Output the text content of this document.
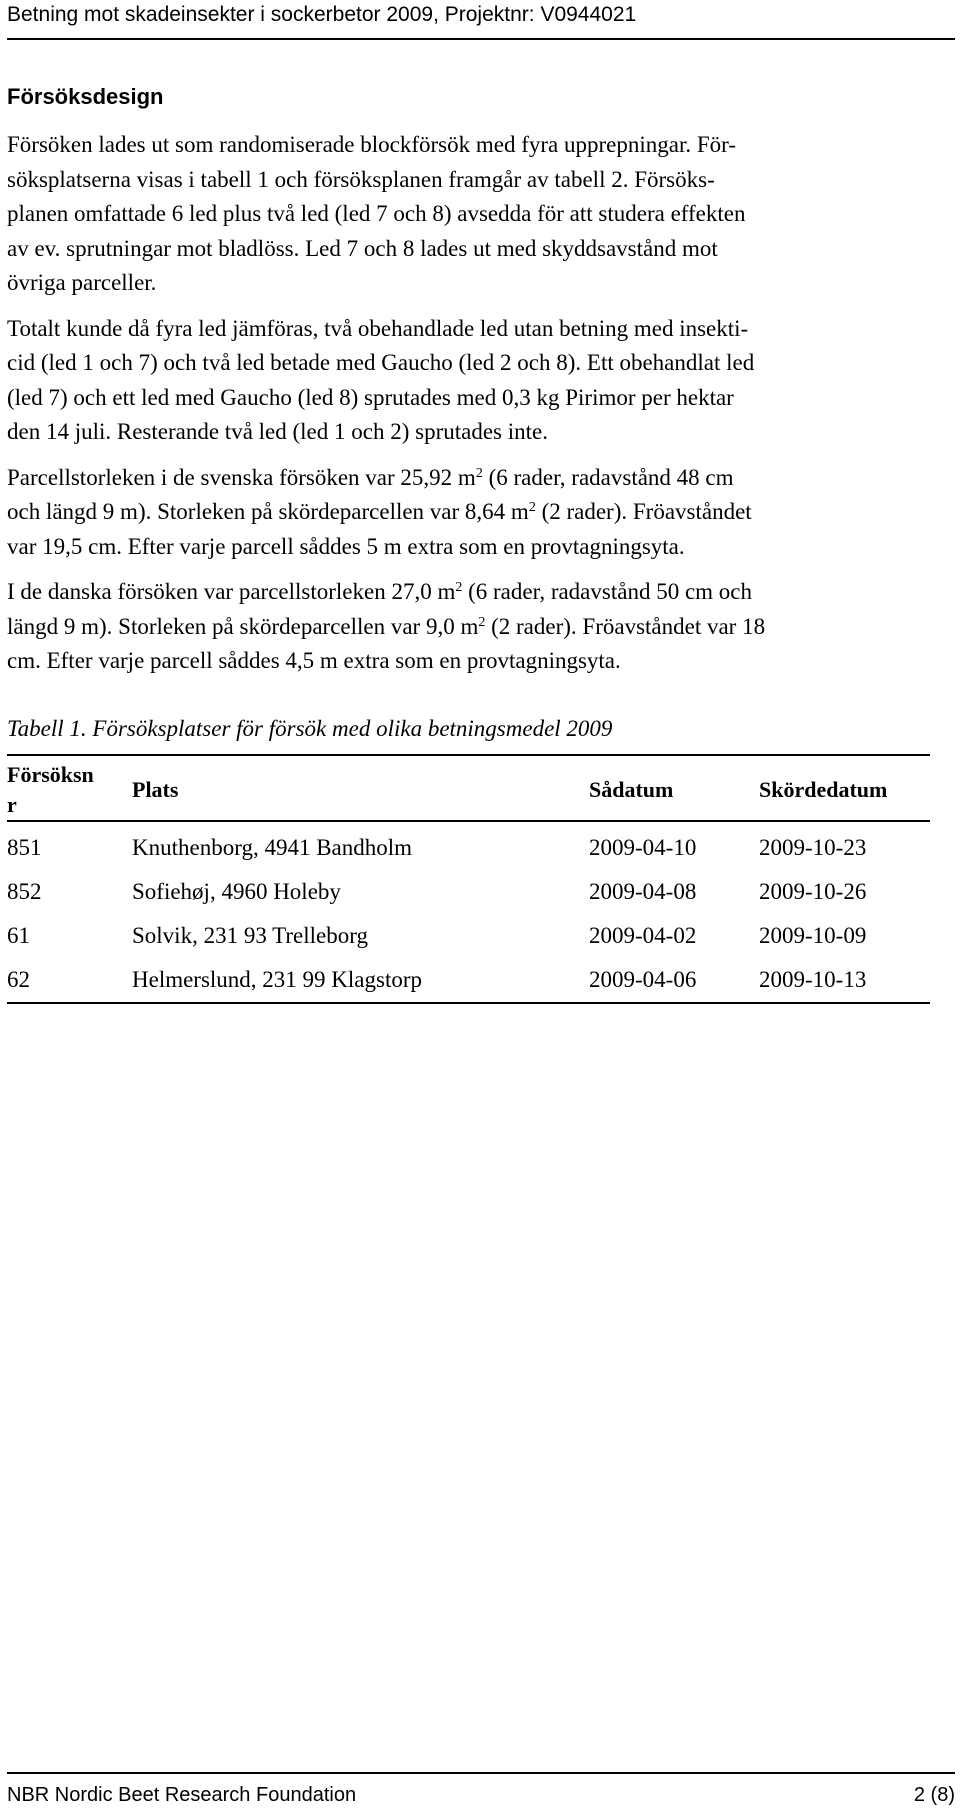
Betning mot skadeinsekter i sockerbetor 2009, Projektnr: V0944021
Försöksdesign

Försöken lades ut som randomiserade blockförsök med fyra upprepningar. För-
söksplatserna visas i tabell 1 och försöksplanen framgår av tabell 2. Försöks-
planen omfattade 6 led plus två led (led 7 och 8) avsedda för att studera effekten
av ev. sprutningar mot bladlöss. Led 7 och 8 lades ut med skyddsavstånd mot
övriga parceller.

Totalt kunde då fyra led jämföras, två obehandlade led utan betning med insekti-
cid (led 1 och 7) och två led betade med Gaucho (led 2 och 8). Ett obehandlat led
(led 7) och ett led med Gaucho (led 8) sprutades med 0,3 kg Pirimor per hektar
den 14 juli. Resterande två led (led 1 och 2) sprutades inte.

Parcellstorleken i de svenska försöken var 25,92 $m^2$ (6 rader, radavstånd 48 cm
och längd 9 m). Storleken på skördeparcellen var 8,64 $m^2$ (2 rader). Fröavståndet
var 19,5 cm. Efter varje parcell såddes 5 m extra som en provtagningsyta.

I de danska försöken var parcellstorleken 27,0 $m^2$ (6 rader, radavstånd 50 cm och
längd 9 m). Storleken på skördeparcellen var 9,0 $m^2$ (2 rader). Fröavståndet var 18
cm. Efter varje parcell såddes 4,5 m extra som en provtagningsyta.

Tabell 1. Försöksplatser för försök med olika betningsmedel 2009
Försöksn
r	Plats	Sådatum	Skördedatum
851	Knuthenborg, 4941 Bandholm	2009-04-10	2009-10-23
852	Sofiehøj, 4960 Holeby	2009-04-08	2009-10-26
61	Solvik, 231 93 Trelleborg	2009-04-02	2009-10-09
62	Helmerslund, 231 99 Klagstorp	2009-04-06	2009-10-13
NBR Nordic Beet Research Foundation	2 (8)
